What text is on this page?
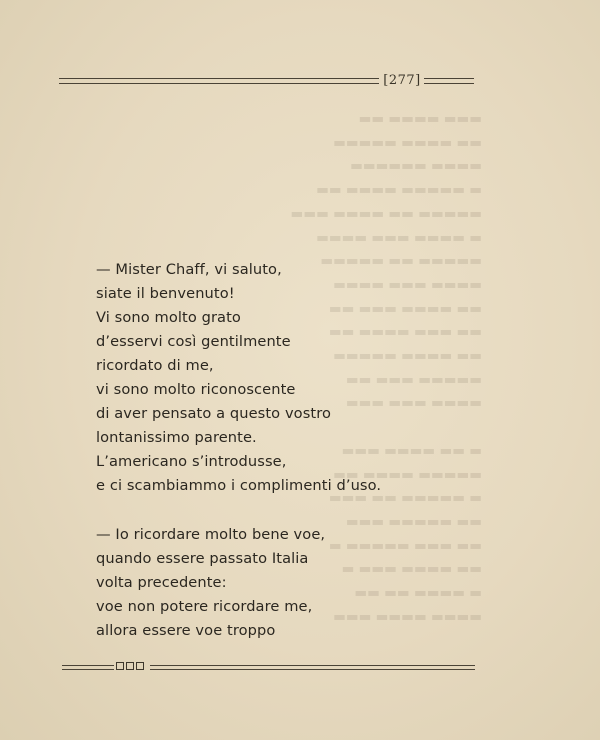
▬▬▬ ▬▬▬▬ ▬▬
▬▬ ▬▬▬▬ ▬▬▬▬▬
▬▬▬▬ ▬▬▬▬▬▬
▬ ▬▬▬▬▬ ▬▬▬▬ ▬▬
▬▬▬▬▬ ▬▬ ▬▬▬▬ ▬▬▬
▬ ▬▬▬▬ ▬▬▬ ▬▬▬▬
▬▬▬▬▬ ▬▬ ▬▬▬▬▬
▬▬▬▬ ▬▬▬ ▬▬▬▬
▬▬ ▬▬▬▬ ▬▬▬ ▬▬
▬▬ ▬▬▬ ▬▬▬▬ ▬▬
▬▬ ▬▬▬▬ ▬▬▬▬▬
▬▬▬▬▬ ▬▬▬ ▬▬
▬▬▬▬ ▬▬▬ ▬▬▬

▬ ▬▬ ▬▬▬▬ ▬▬▬
▬▬▬▬▬ ▬▬▬▬ ▬▬
▬ ▬▬▬▬▬ ▬▬ ▬▬▬
▬▬ ▬▬▬▬▬ ▬▬▬
▬▬ ▬▬▬ ▬▬▬▬▬ ▬
▬▬ ▬▬▬▬ ▬▬▬ ▬
▬ ▬▬▬▬ ▬▬ ▬▬
▬▬▬▬ ▬▬▬▬ ▬▬▬
[277]
— Mister Chaff, vi saluto,
siate il benvenuto!
Vi sono molto grato
d’esservi così gentilmente
ricordato di me,
vi sono molto riconoscente
di aver pensato a questo vostro
lontanissimo parente.
L’americano s’introdusse,
e ci scambiammo i complimenti d’uso.
— Io ricordare molto bene voe,
quando essere passato Italia
volta precedente:
voe non potere ricordare me,
allora essere voe troppo
